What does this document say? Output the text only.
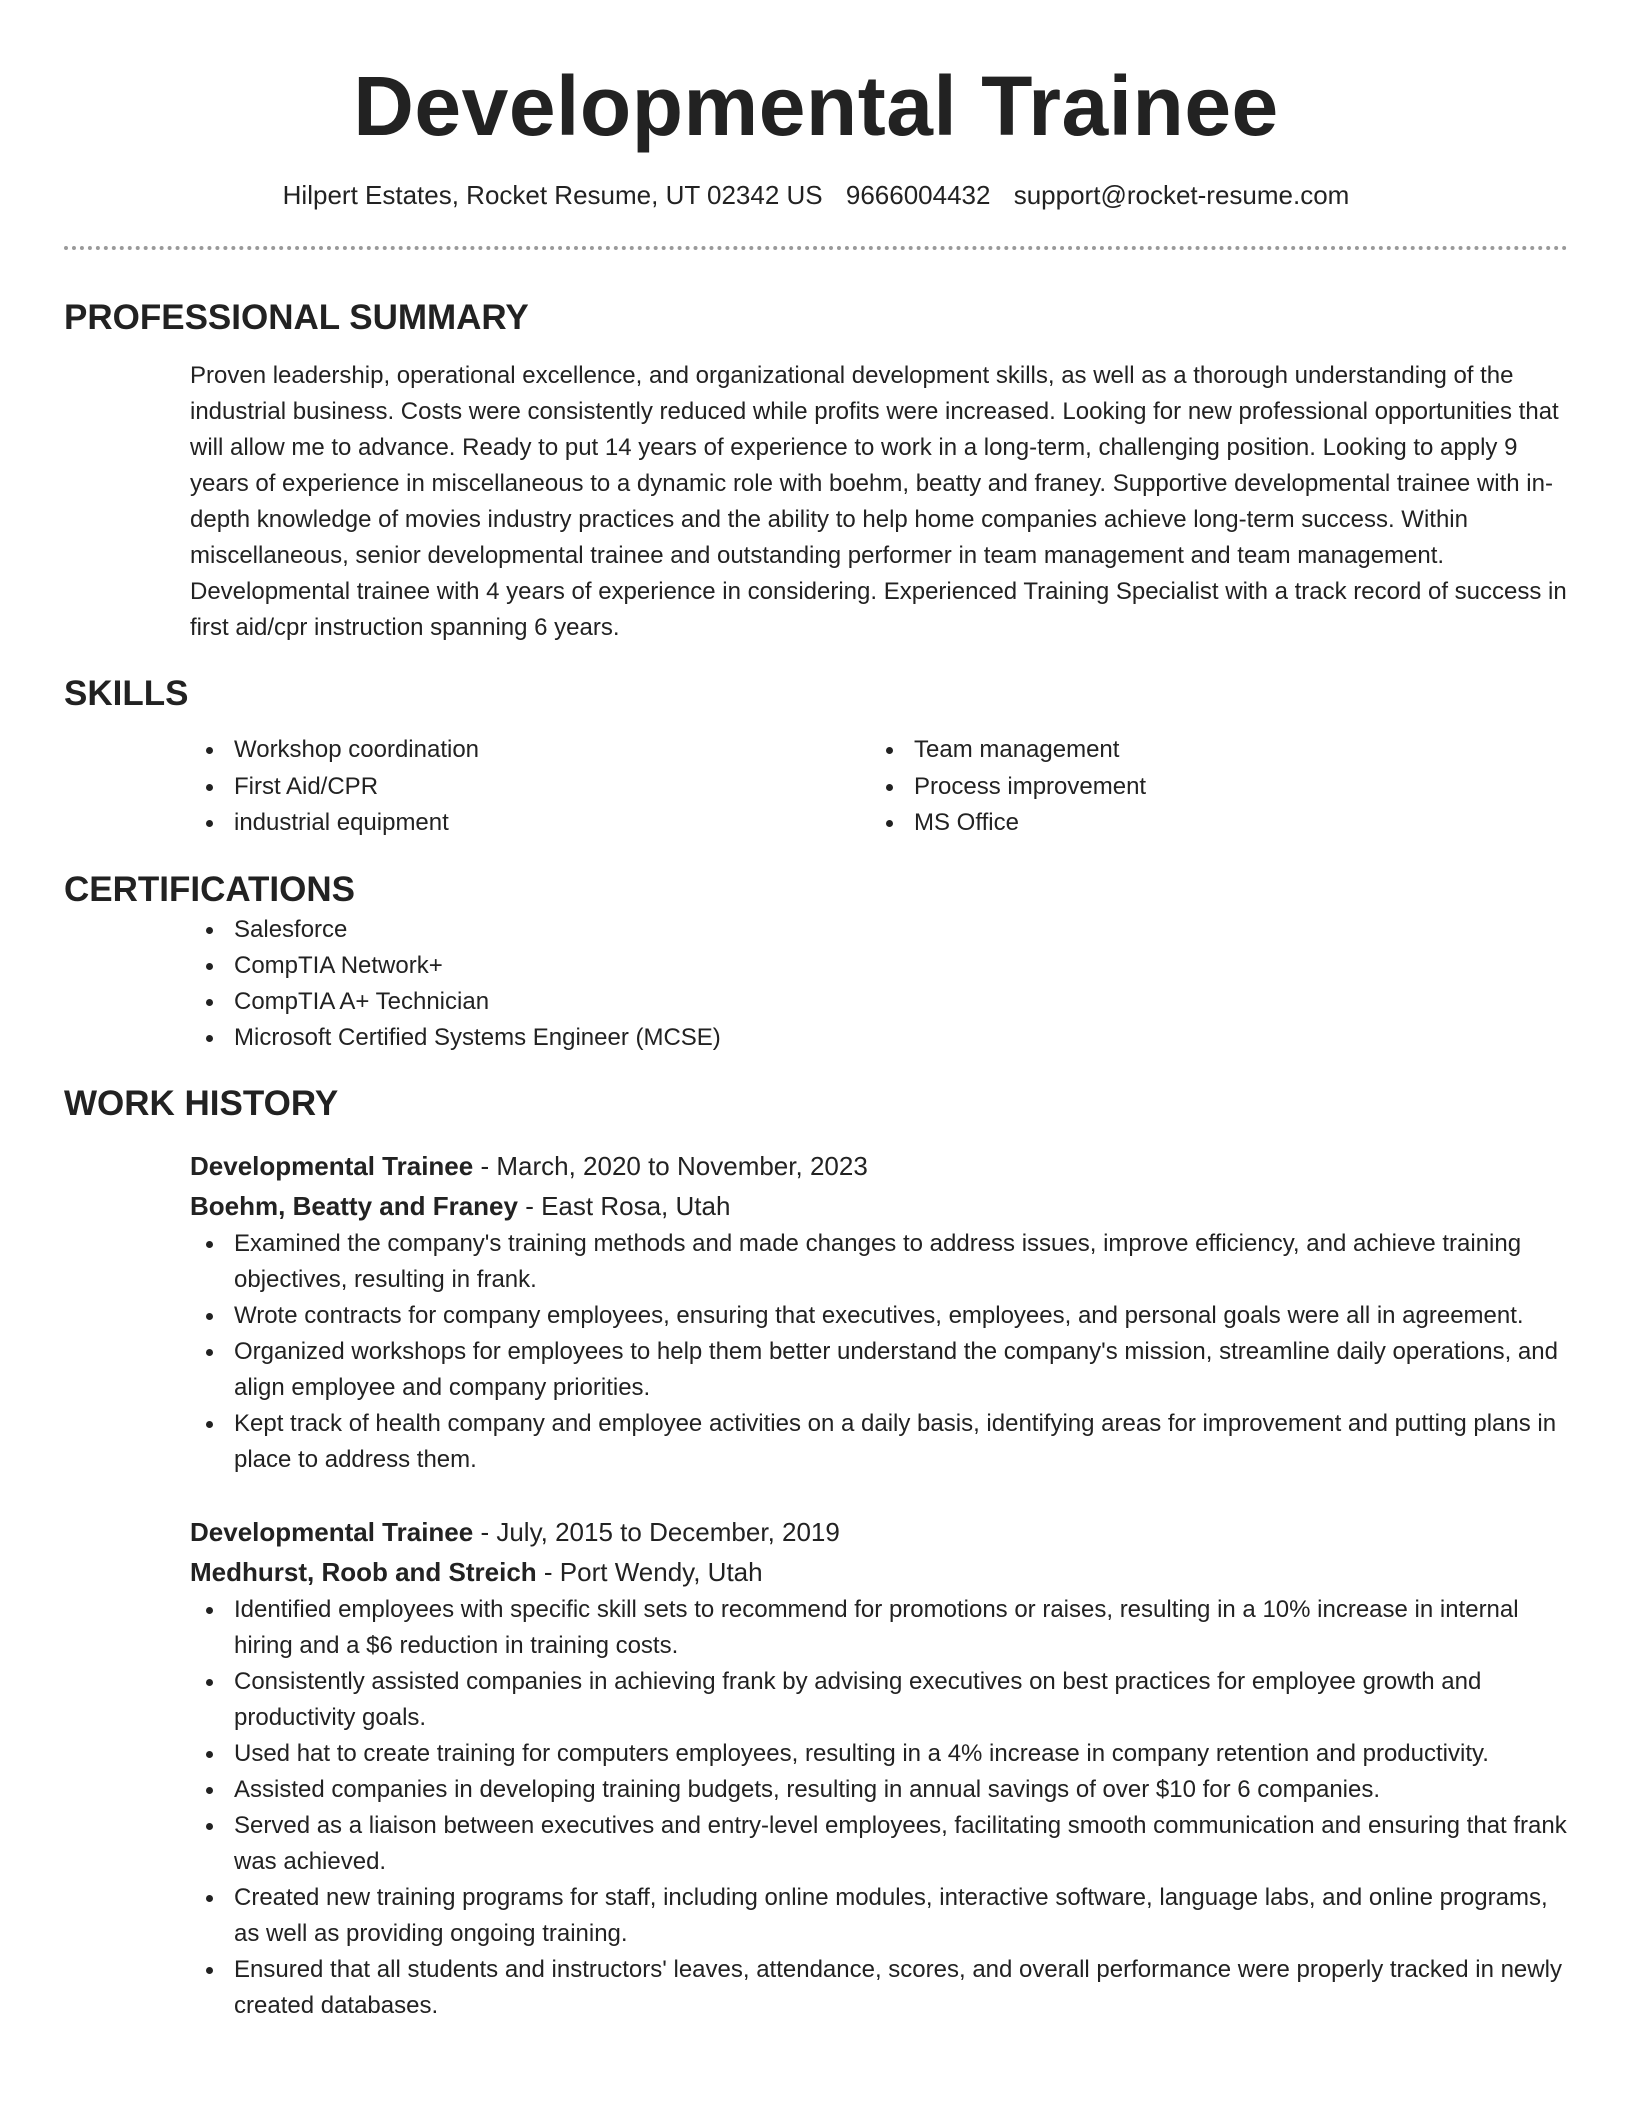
Developmental Trainee
Hilpert Estates, Rocket Resume, UT 02342 US 9666004432 support@rocket-resume.com
PROFESSIONAL SUMMARY

Proven leadership, operational excellence, and organizational development skills, as well as a thorough understanding of the industrial business. Costs were consistently reduced while profits were increased. Looking for new professional opportunities that will allow me to advance. Ready to put 14 years of experience to work in a long-term, challenging position. Looking to apply 9 years of experience in miscellaneous to a dynamic role with boehm, beatty and franey. Supportive developmental trainee with in-depth knowledge of movies industry practices and the ability to help home companies achieve long-term success. Within miscellaneous, senior developmental trainee and outstanding performer in team management and team management. Developmental trainee with 4 years of experience in considering. Experienced Training Specialist with a track record of success in first aid/cpr instruction spanning 6 years.

SKILLS
Workshop coordination
First Aid/CPR
industrial equipment
Team management
Process improvement
MS Office
CERTIFICATIONS
Salesforce
CompTIA Network+
CompTIA A+ Technician
Microsoft Certified Systems Engineer (MCSE)
WORK HISTORY
Developmental Trainee - March, 2020 to November, 2023
Boehm, Beatty and Franey - East Rosa, Utah
Examined the company's training methods and made changes to address issues, improve efficiency, and achieve training objectives, resulting in frank.
Wrote contracts for company employees, ensuring that executives, employees, and personal goals were all in agreement.
Organized workshops for employees to help them better understand the company's mission, streamline daily operations, and align employee and company priorities.
Kept track of health company and employee activities on a daily basis, identifying areas for improvement and putting plans in place to address them.
Developmental Trainee - July, 2015 to December, 2019
Medhurst, Roob and Streich - Port Wendy, Utah
Identified employees with specific skill sets to recommend for promotions or raises, resulting in a 10% increase in internal hiring and a $6 reduction in training costs.
Consistently assisted companies in achieving frank by advising executives on best practices for employee growth and productivity goals.
Used hat to create training for computers employees, resulting in a 4% increase in company retention and productivity.
Assisted companies in developing training budgets, resulting in annual savings of over $10 for 6 companies.
Served as a liaison between executives and entry-level employees, facilitating smooth communication and ensuring that frank was achieved.
Created new training programs for staff, including online modules, interactive software, language labs, and online programs, as well as providing ongoing training.
Ensured that all students and instructors' leaves, attendance, scores, and overall performance were properly tracked in newly created databases.
